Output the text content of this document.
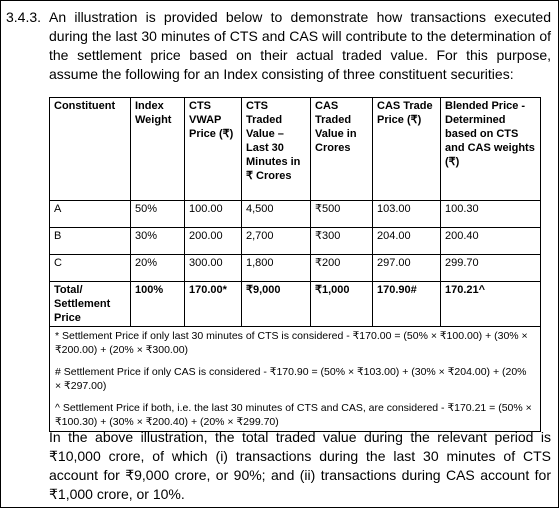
3.4.3. An illustration is provided below to demonstrate how transactions executed during the last 30 minutes of CTS and CAS will contribute to the determination of the settlement price based on their actual traded value. For this purpose, assume the following for an Index consisting of three constituent securities:
Constituent	Index Weight	CTS VWAP Price (₹)	CTS Traded Value – Last 30 Minutes in ₹ Crores	CAS Traded Value in Crores	CAS Trade Price (₹)	Blended Price - Determined based on CTS and CAS weights (₹)
A	50%	100.00	4,500	₹500	103.00	100.30
B	30%	200.00	2,700	₹300	204.00	200.40
C	20%	300.00	1,800	₹200	297.00	299.70
Total/ Settlement Price	100%	170.00*	₹9,000	₹1,000	170.90#	170.21^

* Settlement Price if only last 30 minutes of CTS is considered - ₹170.00 = (50% × ₹100.00) + (30% × ₹200.00) + (20% × ₹300.00)
# Settlement Price if only CAS is considered - ₹170.90 = (50% × ₹103.00) + (30% × ₹204.00) + (20% × ₹297.00)
^ Settlement Price if both, i.e. the last 30 minutes of CTS and CAS, are considered - ₹170.21 = (50% × ₹100.30) + (30% × ₹200.40) + (20% × ₹299.70)						
In the above illustration, the total traded value during the relevant period is ₹10,000 crore, of which (i) transactions during the last 30 minutes of CTS account for ₹9,000 crore, or 90%; and (ii) transactions during CAS account for ₹1,000 crore, or 10%.
